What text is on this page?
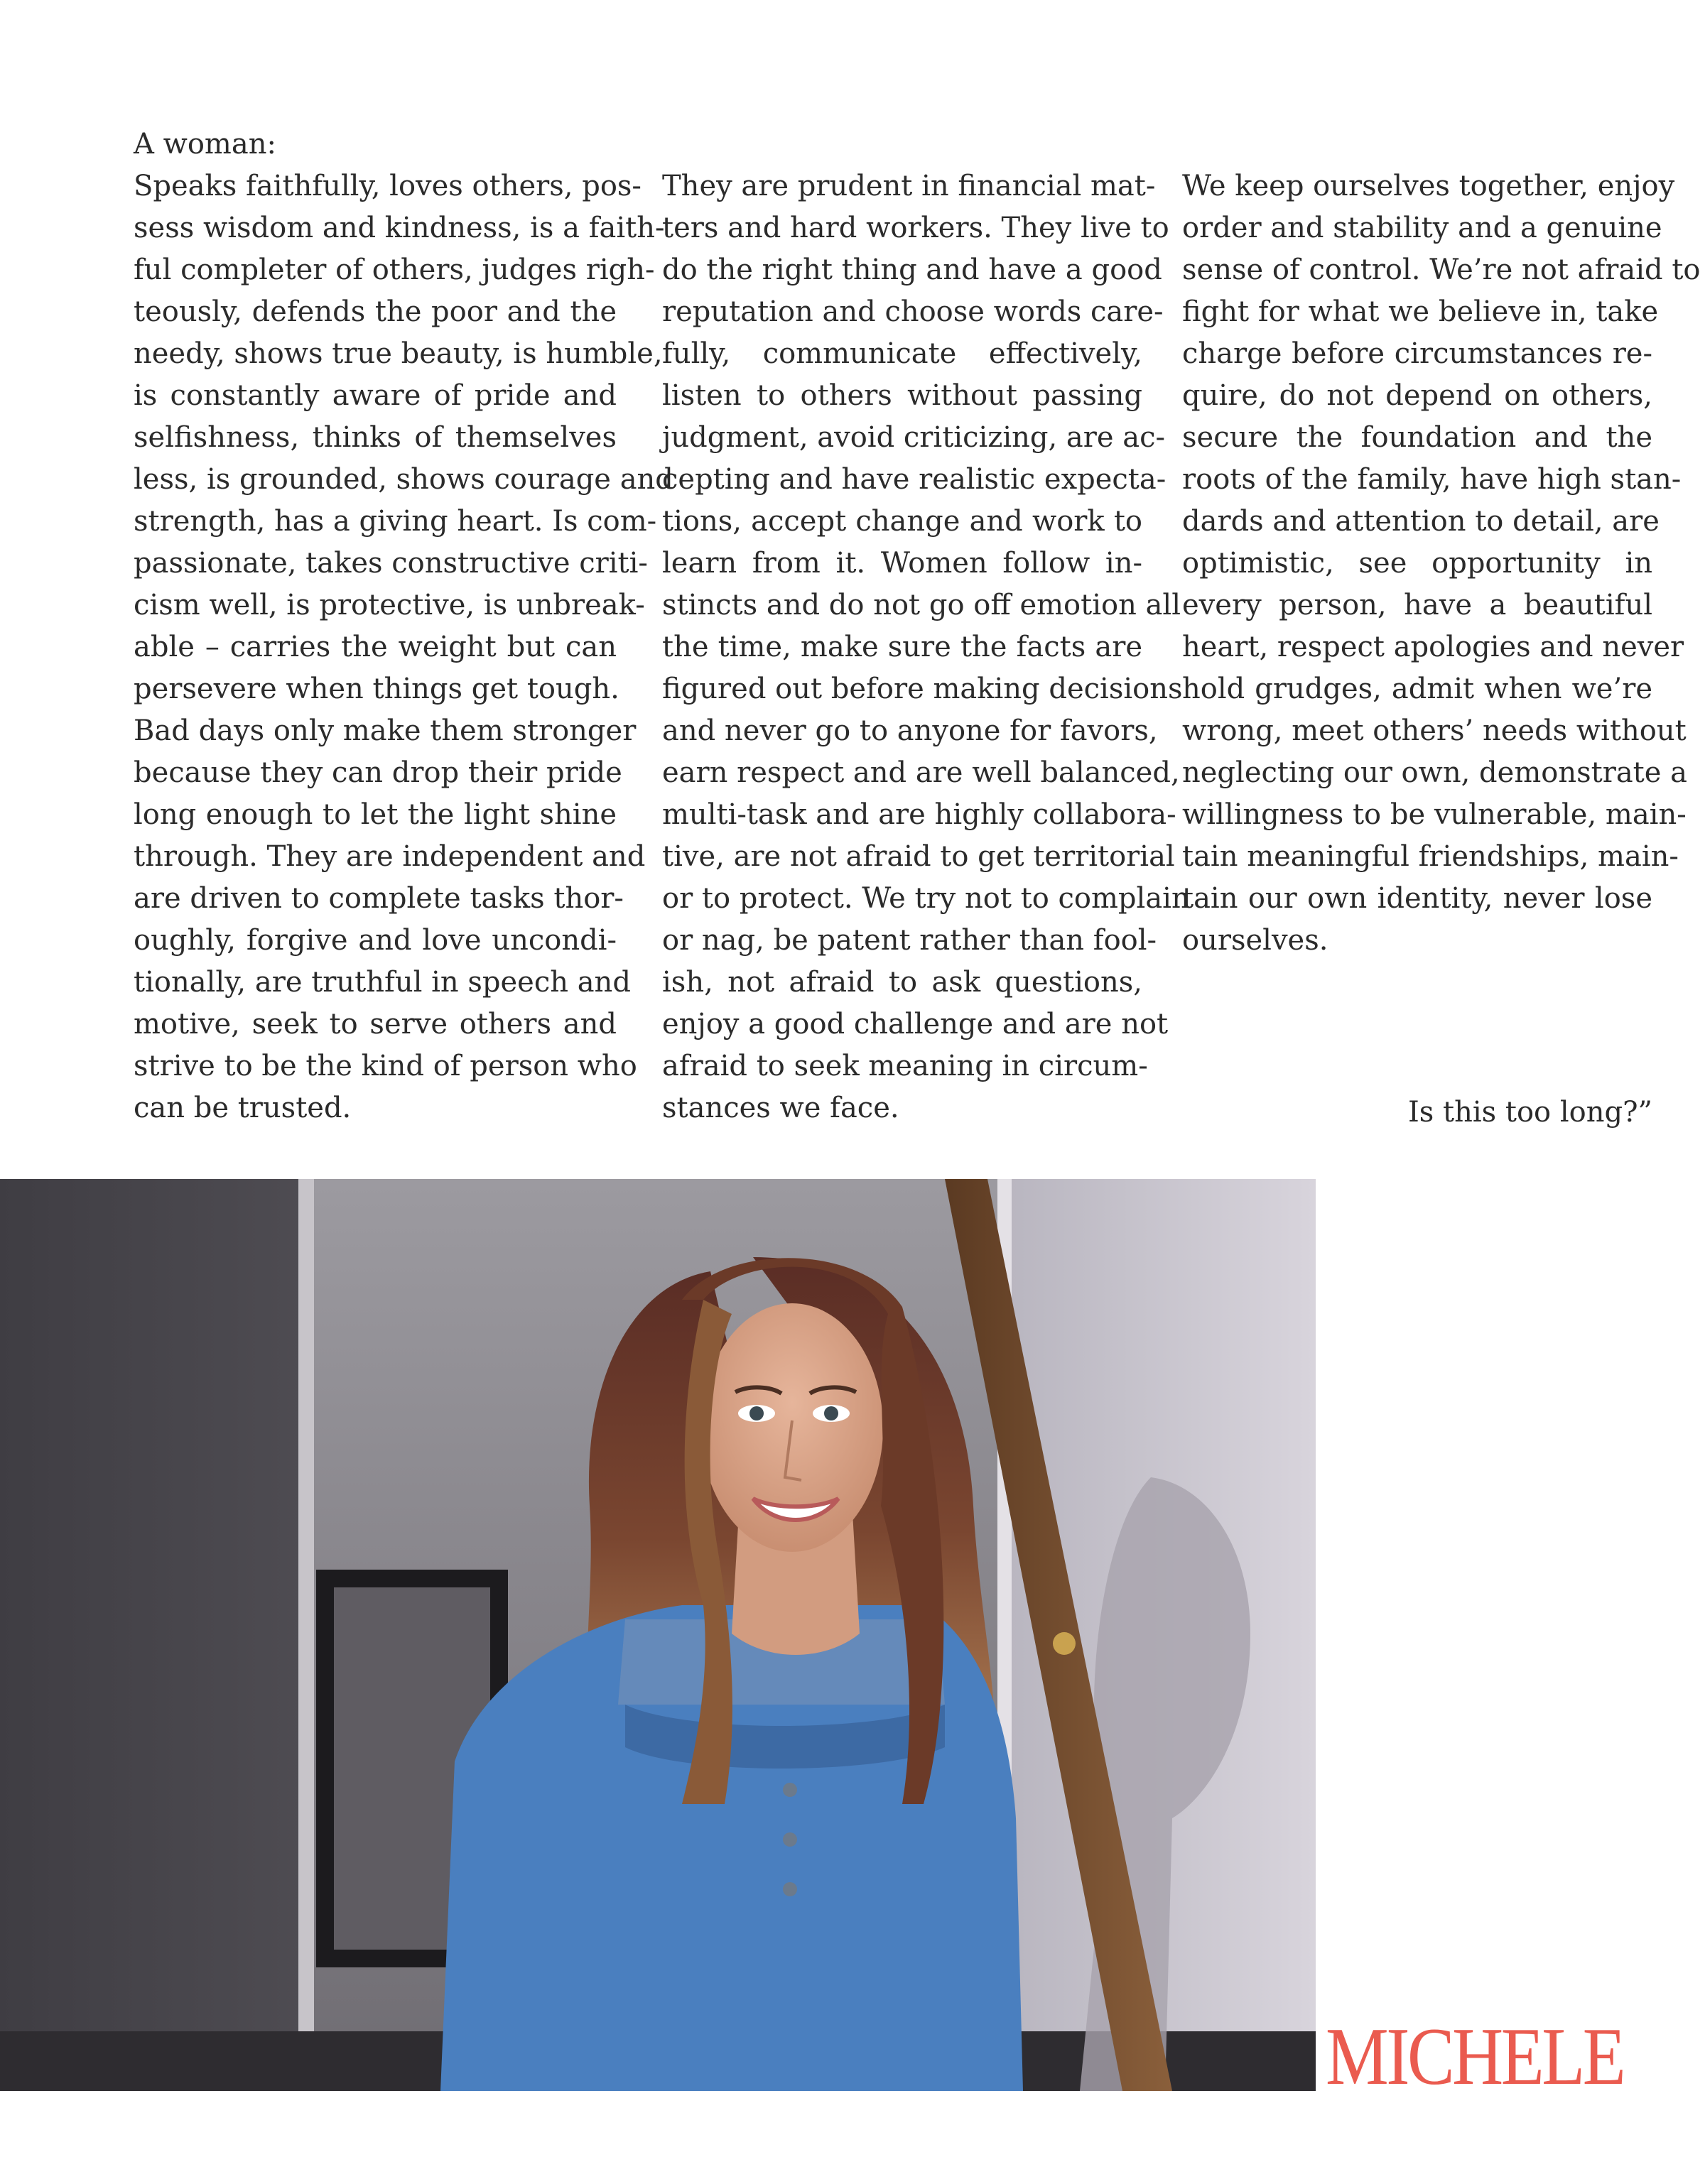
A woman:
Speaks faithfully, loves others, pos-
sess wisdom and kindness, is a faith-
ful completer of others, judges righ-
teously, defends the poor and the
needy, shows true beauty, is humble,
is constantly aware of pride and
selfishness, thinks of themselves
less, is grounded, shows courage and
strength, has a giving heart. Is com-
passionate, takes constructive criti-
cism well, is protective, is unbreak-
able – carries the weight but can
persevere when things get tough.
Bad days only make them stronger
because they can drop their pride
long enough to let the light shine
through. They are independent and
are driven to complete tasks thor-
oughly, forgive and love uncondi-
tionally, are truthful in speech and
motive, seek to serve others and
strive to be the kind of person who
can be trusted.
They are prudent in financial mat-
ters and hard workers. They live to
do the right thing and have a good
reputation and choose words care-
fully, communicate effectively,
listen to others without passing
judgment, avoid criticizing, are ac-
cepting and have realistic expecta-
tions, accept change and work to
learn from it. Women follow in-
stincts and do not go off emotion all
the time, make sure the facts are
figured out before making decisions
and never go to anyone for favors,
earn respect and are well balanced,
multi-task and are highly collabora-
tive, are not afraid to get territorial
or to protect. We try not to complain
or nag, be patent rather than fool-
ish, not afraid to ask questions,
enjoy a good challenge and are not
afraid to seek meaning in circum-
stances we face.
We keep ourselves together, enjoy
order and stability and a genuine
sense of control. We’re not afraid to
fight for what we believe in, take
charge before circumstances re-
quire, do not depend on others,
secure the foundation and the
roots of the family, have high stan-
dards and attention to detail, are
optimistic, see opportunity in
every person, have a beautiful
heart, respect apologies and never
hold grudges, admit when we’re
wrong, meet others’ needs without
neglecting our own, demonstrate a
willingness to be vulnerable, main-
tain meaningful friendships, main-
tain our own identity, never lose
ourselves.
Is this too long?”
MICHELE
